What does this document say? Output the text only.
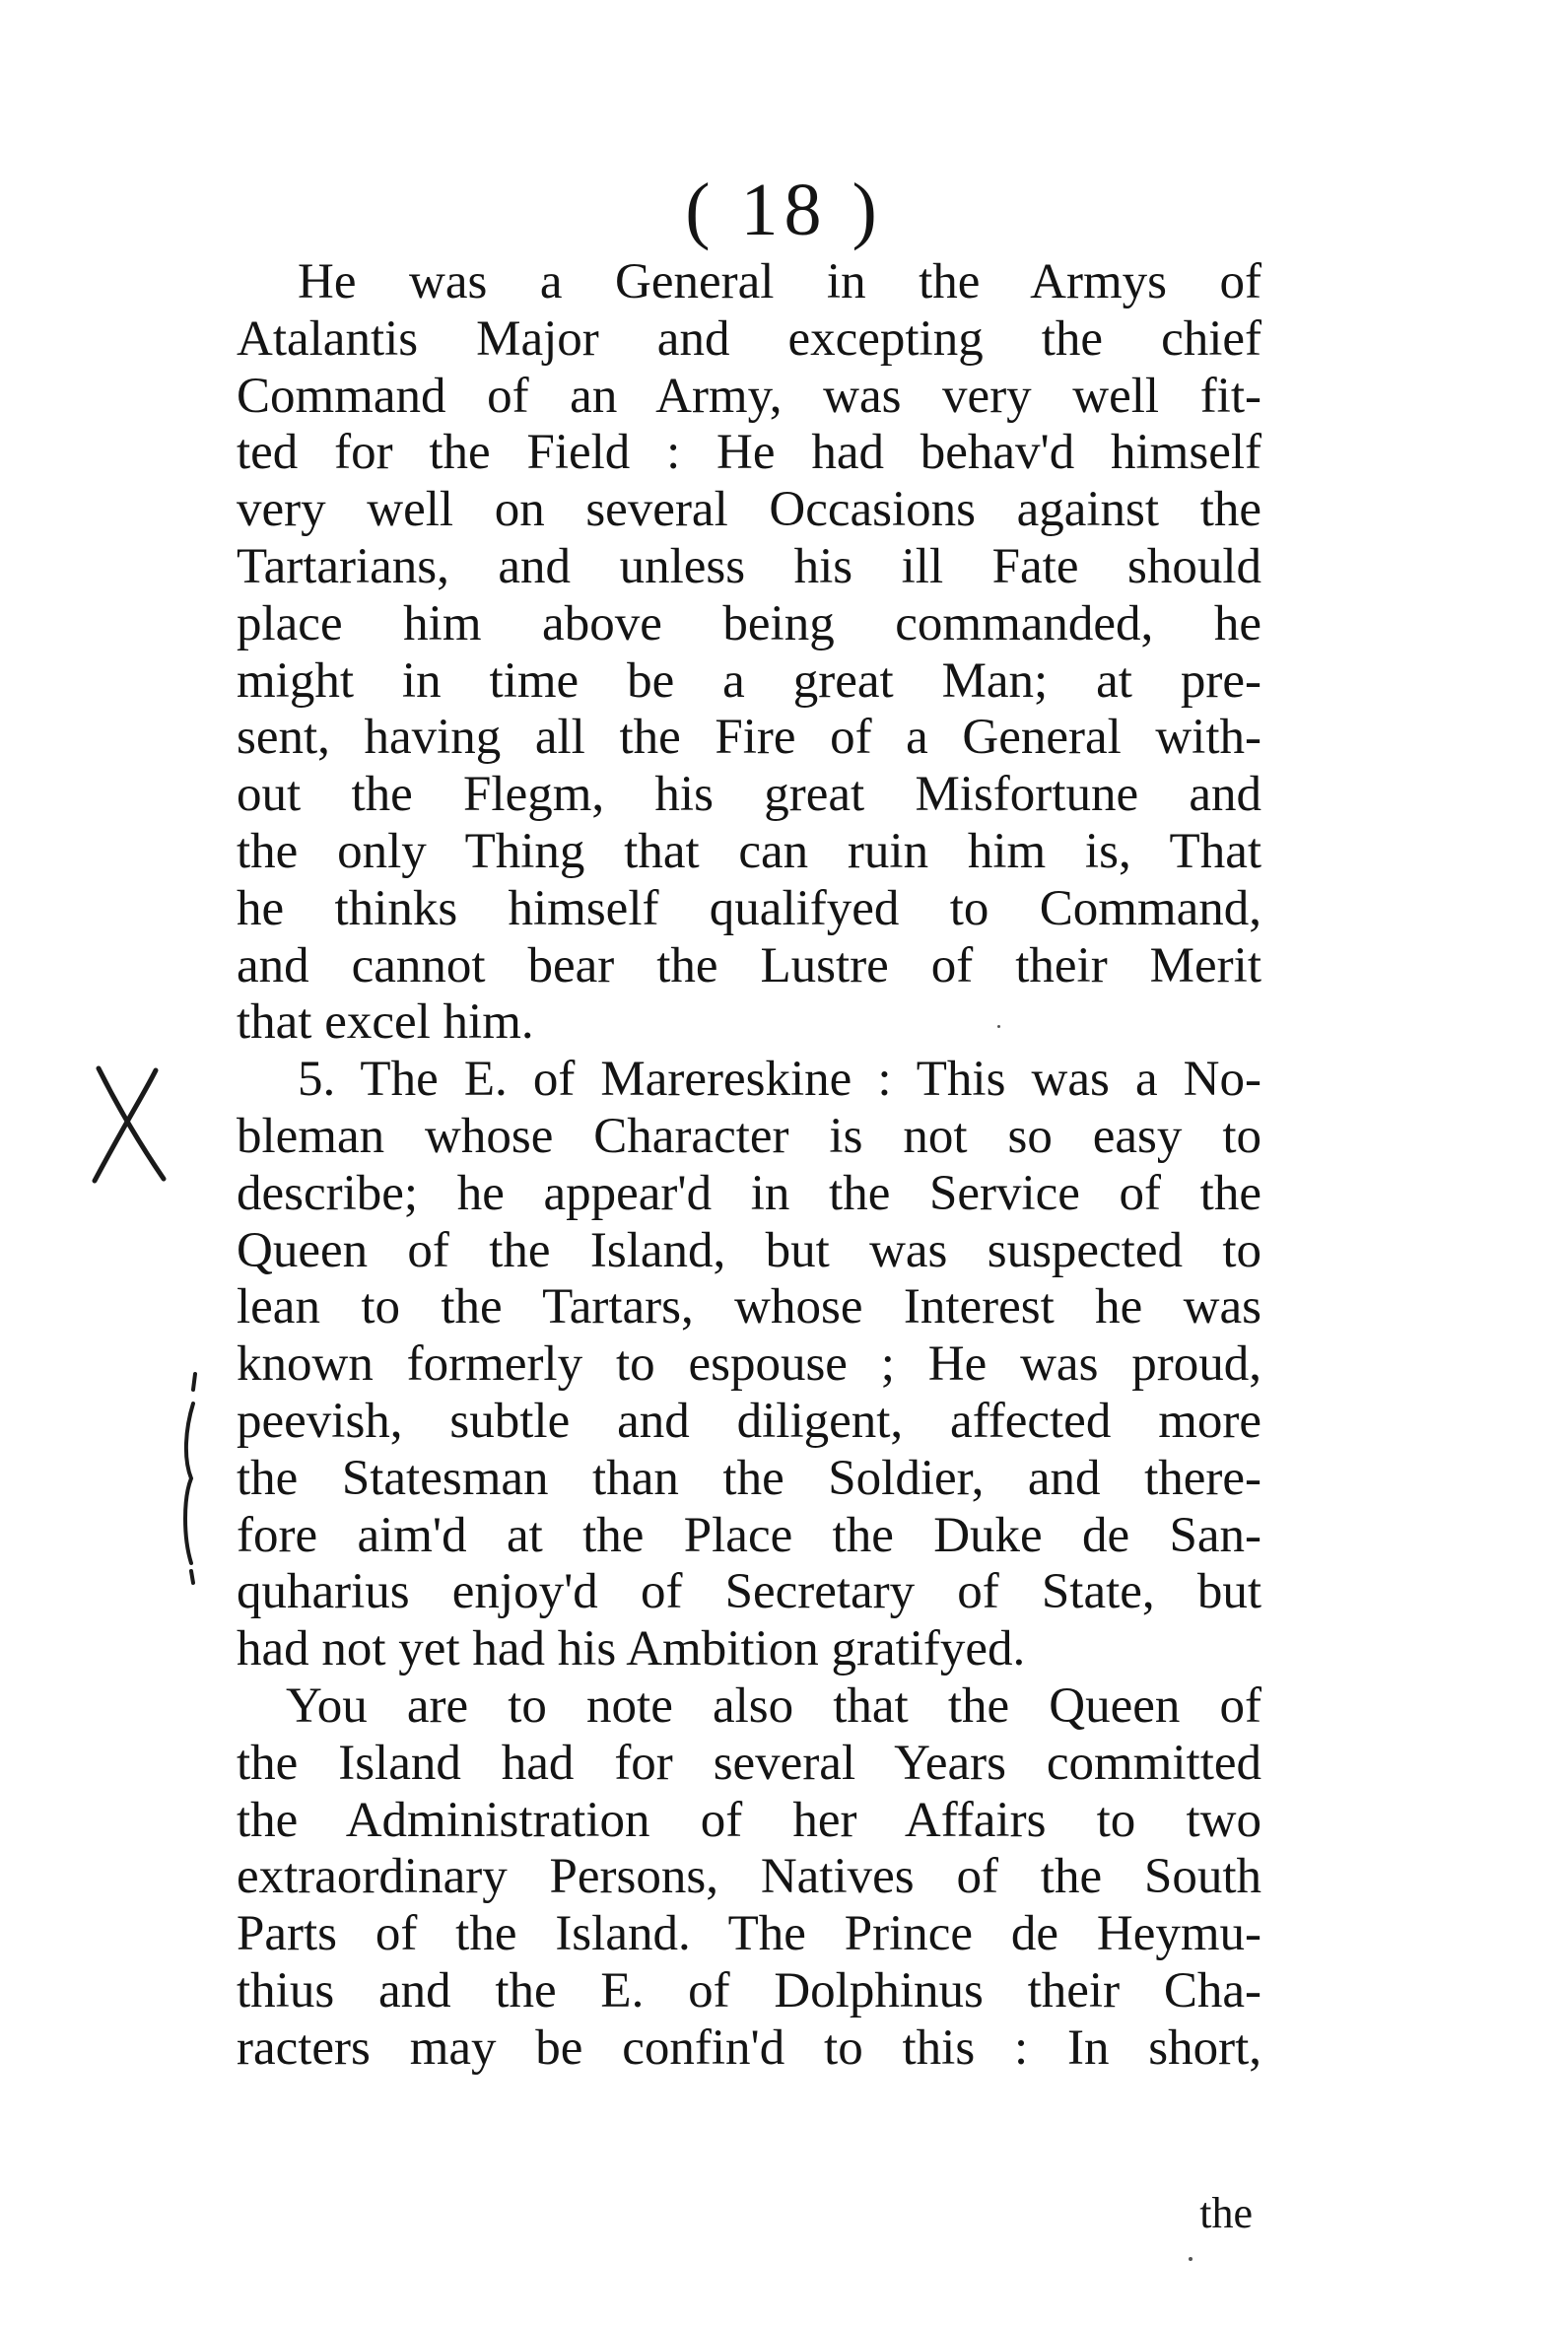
( 18 )
He was a General in the Armys of
Atalantis Major and excepting the chief
Command of an Army, was very well fit-
ted for the Field : He had behav'd himself
very well on several Occasions against the
Tartarians, and unless his ill Fate should
place him above being commanded, he
might in time be a great Man; at pre-
sent, having all the Fire of a General with-
out the Flegm, his great Misfortune and
the only Thing that can ruin him is, That
he thinks himself qualifyed to Command,
and cannot bear the Lustre of their Merit
that excel him.
5. The E. of Marereskine : This was a No-
bleman whose Character is not so easy to
describe; he appear'd in the Service of the
Queen of the Island, but was suspected to
lean to the Tartars, whose Interest he was
known formerly to espouse ; He was proud,
peevish, subtle and diligent, affected more
the Statesman than the Soldier, and there-
fore aim'd at the Place the Duke de San-
quharius enjoy'd of Secretary of State, but
had not yet had his Ambition gratifyed.
You are to note also that the Queen of
the Island had for several Years committed
the Administration of her Affairs to two
extraordinary Persons, Natives of the South
Parts of the Island. The Prince de Heymu-
thius and the E. of Dolphinus their Cha-
racters may be confin'd to this : In short,
the
